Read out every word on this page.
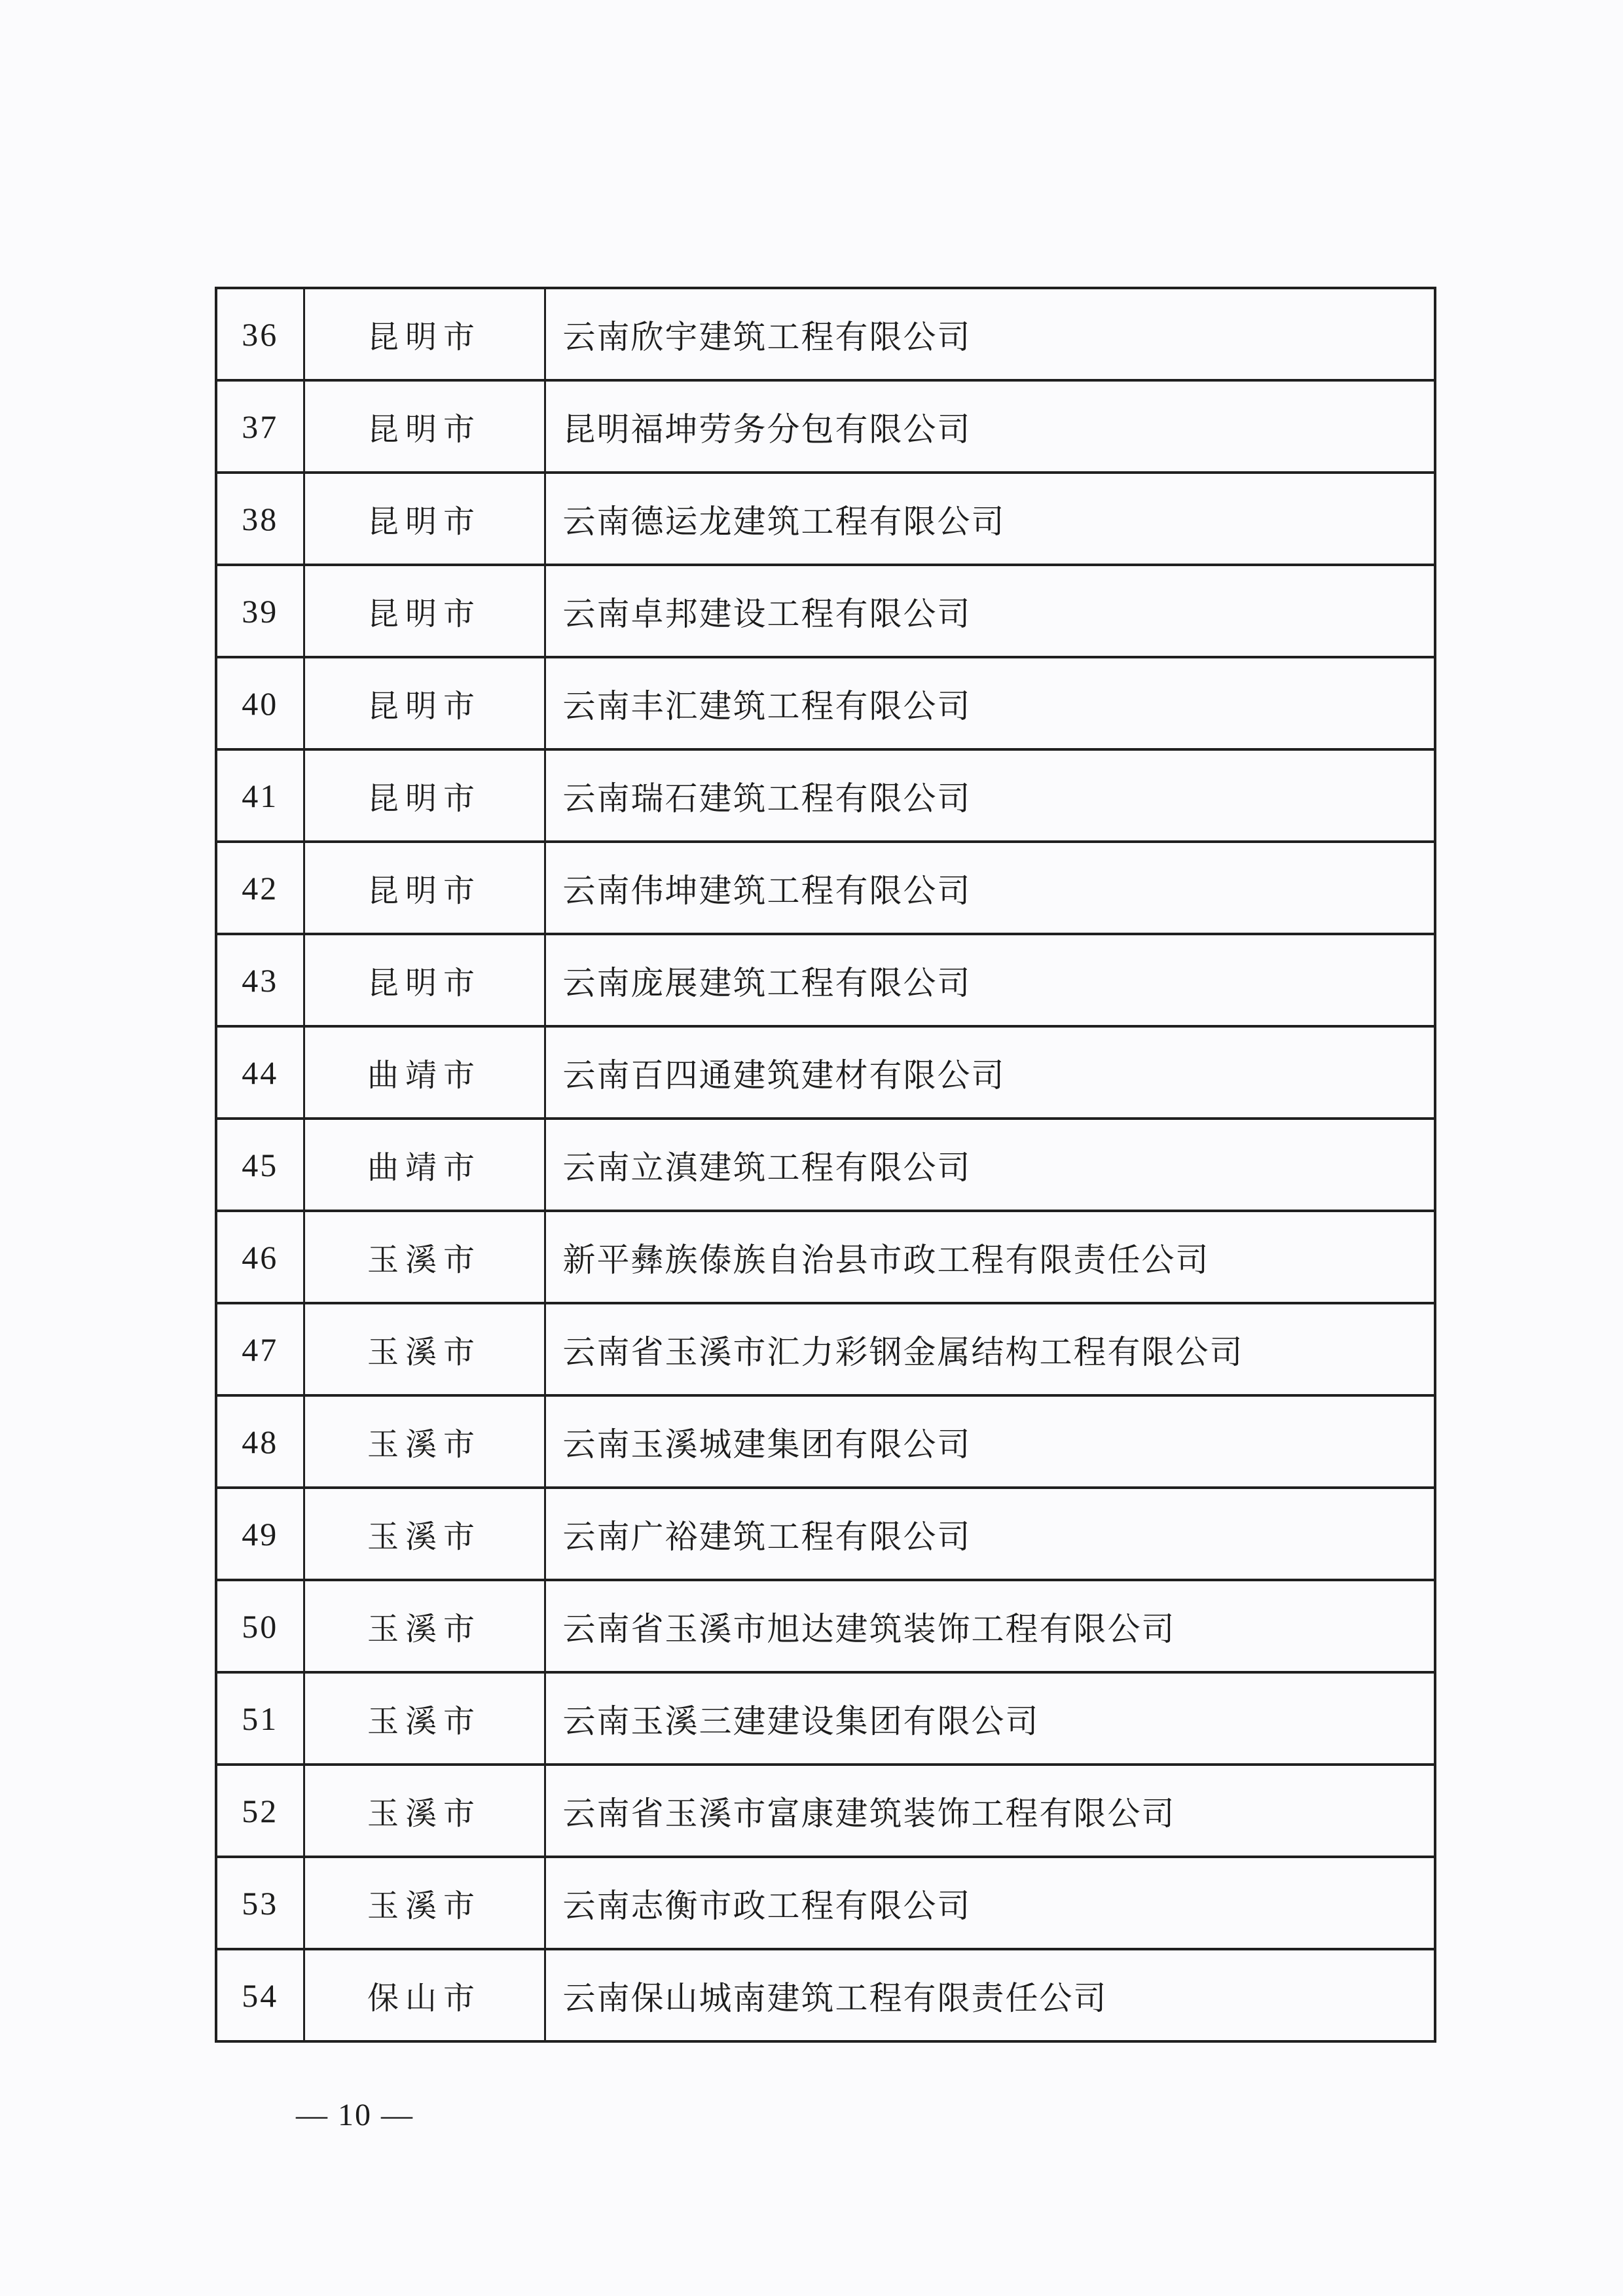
36	昆明市	云南欣宇建筑工程有限公司
37	昆明市	昆明福坤劳务分包有限公司
38	昆明市	云南德运龙建筑工程有限公司
39	昆明市	云南卓邦建设工程有限公司
40	昆明市	云南丰汇建筑工程有限公司
41	昆明市	云南瑞石建筑工程有限公司
42	昆明市	云南伟坤建筑工程有限公司
43	昆明市	云南庞展建筑工程有限公司
44	曲靖市	云南百四通建筑建材有限公司
45	曲靖市	云南立滇建筑工程有限公司
46	玉溪市	新平彝族傣族自治县市政工程有限责任公司
47	玉溪市	云南省玉溪市汇力彩钢金属结构工程有限公司
48	玉溪市	云南玉溪城建集团有限公司
49	玉溪市	云南广裕建筑工程有限公司
50	玉溪市	云南省玉溪市旭达建筑装饰工程有限公司
51	玉溪市	云南玉溪三建建设集团有限公司
52	玉溪市	云南省玉溪市富康建筑装饰工程有限公司
53	玉溪市	云南志衡市政工程有限公司
54	保山市	云南保山城南建筑工程有限责任公司
— 10 —
